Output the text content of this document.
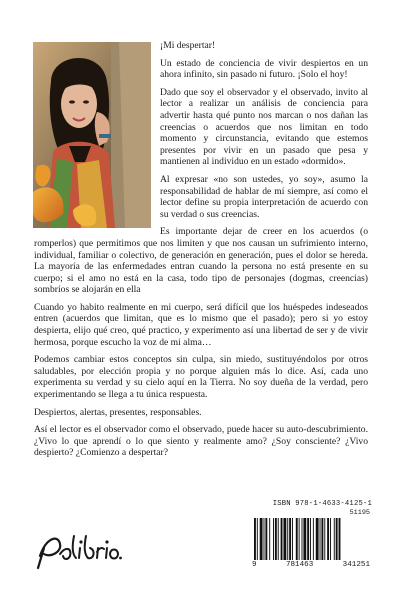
¡Mi despertar!

Un estado de conciencia de vivir despiertos en un ahora infinito, sin pasado ni futuro. ¡Solo el hoy!

Dado que soy el observador y el observado, invito al lector a realizar un análisis de conciencia para advertir hasta qué punto nos marcan o nos dañan las creencias o acuerdos que nos limitan en todo momento y circunstancia, evitando que estemos presentes por vivir en un pasado que pesa y mantienen al individuo en un estado «dormido».

Al expresar «no son ustedes, yo soy», asumo la responsabilidad de hablar de mí siempre, así como el lector define su propia interpretación de acuerdo con su verdad o sus creencias.

Es importante dejar de creer en los acuerdos (o romperlos) que permitimos que nos limiten y que nos causan un sufrimiento interno, individual, familiar o colectivo, de generación en generación, pues el dolor se hereda. La mayoría de las enfermedades entran cuando la persona no está presente en su cuerpo; si el amo no está en la casa, todo tipo de personajes (dogmas, creencias) sombríos se alojarán en ella

Cuando yo habito realmente en mi cuerpo, será difícil que los huéspedes indeseados entren (acuerdos que limitan, que es lo mismo que el pasado); pero si yo estoy despierta, elijo qué creo, qué practico, y experimento así una libertad de ser y de vivir hermosa, porque escucho la voz de mi alma…

Podemos cambiar estos conceptos sin culpa, sin miedo, sustituyéndolos por otros saludables, por elección propia y no porque alguien más lo dice. Así, cada uno experimenta su verdad y su cielo aquí en la Tierra. No soy dueña de la verdad, pero experimentando se llega a tu única respuesta.

Despiertos, alertas, presentes, responsables.

Así el lector es el observador como el observado, puede hacer su auto-descubrimiento. ¿Vivo lo que aprendí o lo que siento y realmente amo? ¿Soy consciente? ¿Vivo despierto? ¿Comienzo a despertar?

ISBN 978-1-4633-4125-1
51195
9	781463	341251
